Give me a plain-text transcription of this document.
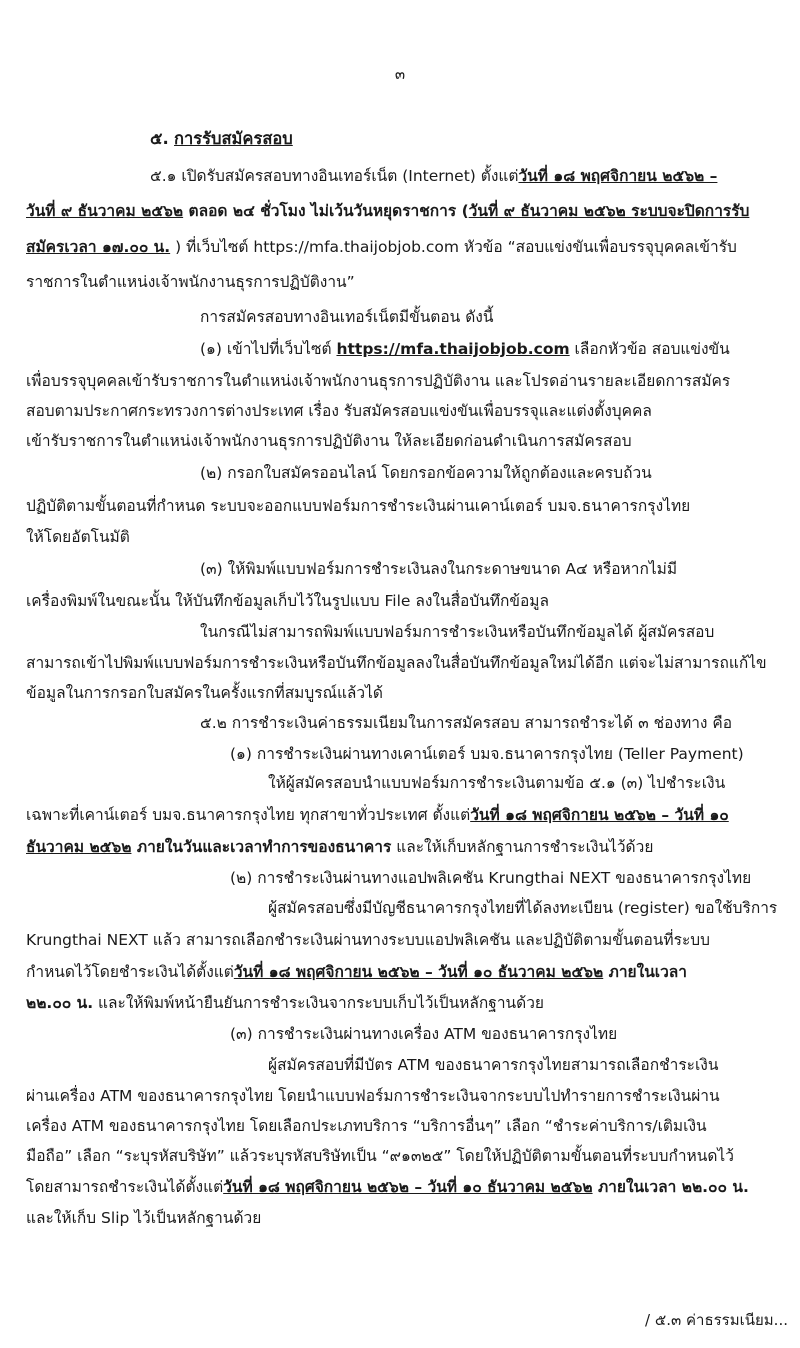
๓
๕. การรับสมัครสอบ
๕.๑ เปิดรับสมัครสอบทางอินเทอร์เน็ต (Internet) ตั้งแต่วันที่ ๑๘ พฤศจิกายน ๒๕๖๒ –
วันที่ ๙ ธันวาคม ๒๕๖๒ ตลอด ๒๔ ชั่วโมง ไม่เว้นวันหยุดราชการ (วันที่ ๙ ธันวาคม ๒๕๖๒ ระบบจะปิดการรับ
สมัครเวลา ๑๗.๐๐ น. ) ที่เว็บไซต์ https://mfa.thaijobjob.com หัวข้อ “สอบแข่งขันเพื่อบรรจุบุคคลเข้ารับ
ราชการในตำแหน่งเจ้าพนักงานธุรการปฏิบัติงาน”
การสมัครสอบทางอินเทอร์เน็ตมีขั้นตอน ดังนี้
(๑) เข้าไปที่เว็บไซต์ https://mfa.thaijobjob.com เลือกหัวข้อ สอบแข่งขัน
เพื่อบรรจุบุคคลเข้ารับราชการในตำแหน่งเจ้าพนักงานธุรการปฏิบัติงาน และโปรดอ่านรายละเอียดการสมัคร
สอบตามประกาศกระทรวงการต่างประเทศ เรื่อง รับสมัครสอบแข่งขันเพื่อบรรจุและแต่งตั้งบุคคล
เข้ารับราชการในตำแหน่งเจ้าพนักงานธุรการปฏิบัติงาน ให้ละเอียดก่อนดำเนินการสมัครสอบ
(๒) กรอกใบสมัครออนไลน์ โดยกรอกข้อความให้ถูกต้องและครบถ้วน
ปฏิบัติตามขั้นตอนที่กำหนด ระบบจะออกแบบฟอร์มการชำระเงินผ่านเคาน์เตอร์ บมจ.ธนาคารกรุงไทย
ให้โดยอัตโนมัติ
(๓) ให้พิมพ์แบบฟอร์มการชำระเงินลงในกระดาษขนาด A๔ หรือหากไม่มี
เครื่องพิมพ์ในขณะนั้น ให้บันทึกข้อมูลเก็บไว้ในรูปแบบ File ลงในสื่อบันทึกข้อมูล
ในกรณีไม่สามารถพิมพ์แบบฟอร์มการชำระเงินหรือบันทึกข้อมูลได้ ผู้สมัครสอบ
สามารถเข้าไปพิมพ์แบบฟอร์มการชำระเงินหรือบันทึกข้อมูลลงในสื่อบันทึกข้อมูลใหม่ได้อีก แต่จะไม่สามารถแก้ไข
ข้อมูลในการกรอกใบสมัครในครั้งแรกที่สมบูรณ์แล้วได้
๕.๒ การชำระเงินค่าธรรมเนียมในการสมัครสอบ สามารถชำระได้ ๓ ช่องทาง คือ
(๑) การชำระเงินผ่านทางเคาน์เตอร์ บมจ.ธนาคารกรุงไทย (Teller Payment)
ให้ผู้สมัครสอบนำแบบฟอร์มการชำระเงินตามข้อ ๕.๑ (๓) ไปชำระเงิน
เฉพาะที่เคาน์เตอร์ บมจ.ธนาคารกรุงไทย ทุกสาขาทั่วประเทศ ตั้งแต่วันที่ ๑๘ พฤศจิกายน ๒๕๖๒ – วันที่ ๑๐
ธันวาคม ๒๕๖๒ ภายในวันและเวลาทำการของธนาคาร และให้เก็บหลักฐานการชำระเงินไว้ด้วย
(๒) การชำระเงินผ่านทางแอปพลิเคชัน Krungthai NEXT ของธนาคารกรุงไทย
ผู้สมัครสอบซึ่งมีบัญชีธนาคารกรุงไทยที่ได้ลงทะเบียน (register) ขอใช้บริการ
Krungthai NEXT แล้ว สามารถเลือกชำระเงินผ่านทางระบบแอปพลิเคชัน และปฏิบัติตามขั้นตอนที่ระบบ
กำหนดไว้โดยชำระเงินได้ตั้งแต่วันที่ ๑๘ พฤศจิกายน ๒๕๖๒ – วันที่ ๑๐ ธันวาคม ๒๕๖๒ ภายในเวลา
๒๒.๐๐ น. และให้พิมพ์หน้ายืนยันการชำระเงินจากระบบเก็บไว้เป็นหลักฐานด้วย
(๓) การชำระเงินผ่านทางเครื่อง ATM ของธนาคารกรุงไทย
ผู้สมัครสอบที่มีบัตร ATM ของธนาคารกรุงไทยสามารถเลือกชำระเงิน
ผ่านเครื่อง ATM ของธนาคารกรุงไทย โดยนำแบบฟอร์มการชำระเงินจากระบบไปทำรายการชำระเงินผ่าน
เครื่อง ATM ของธนาคารกรุงไทย โดยเลือกประเภทบริการ “บริการอื่นๆ” เลือก “ชำระค่าบริการ/เติมเงิน
มือถือ” เลือก “ระบุรหัสบริษัท” แล้วระบุรหัสบริษัทเป็น “๙๑๓๒๕” โดยให้ปฏิบัติตามขั้นตอนที่ระบบกำหนดไว้
โดยสามารถชำระเงินได้ตั้งแต่วันที่ ๑๘ พฤศจิกายน ๒๕๖๒ – วันที่ ๑๐ ธันวาคม ๒๕๖๒ ภายในเวลา ๒๒.๐๐ น.
และให้เก็บ Slip ไว้เป็นหลักฐานด้วย
/ ๕.๓ ค่าธรรมเนียม...
